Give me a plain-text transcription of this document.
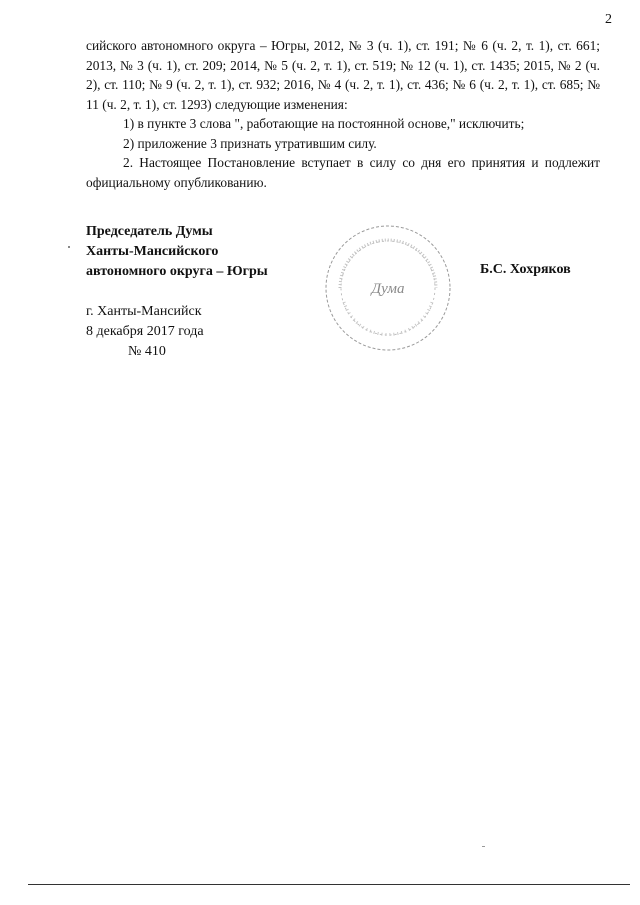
2

сийского автономного округа – Югры, 2012, № 3 (ч. 1), ст. 191; № 6 (ч. 2, т. 1), ст. 661; 2013, № 3 (ч. 1), ст. 209; 2014, № 5 (ч. 2, т. 1), ст. 519; № 12 (ч. 1), ст. 1435; 2015, № 2 (ч. 2), ст. 110; № 9 (ч. 2, т. 1), ст. 932; 2016, № 4 (ч. 2, т. 1), ст. 436; № 6 (ч. 2, т. 1), ст. 685; № 11 (ч. 2, т. 1), ст. 1293) следующие изменения:

1) в пункте 3 слова ", работающие на постоянной основе," исключить;

2) приложение 3 признать утратившим силу.

2. Настоящее Постановление вступает в силу со дня его принятия и подлежит официальному опубликованию.

Председатель Думы
Ханты-Мансийского
автономного округа – Югры
Дума
Б.С. Хохряков
г. Ханты-Мансийск
8 декабря 2017 года
№ 410
